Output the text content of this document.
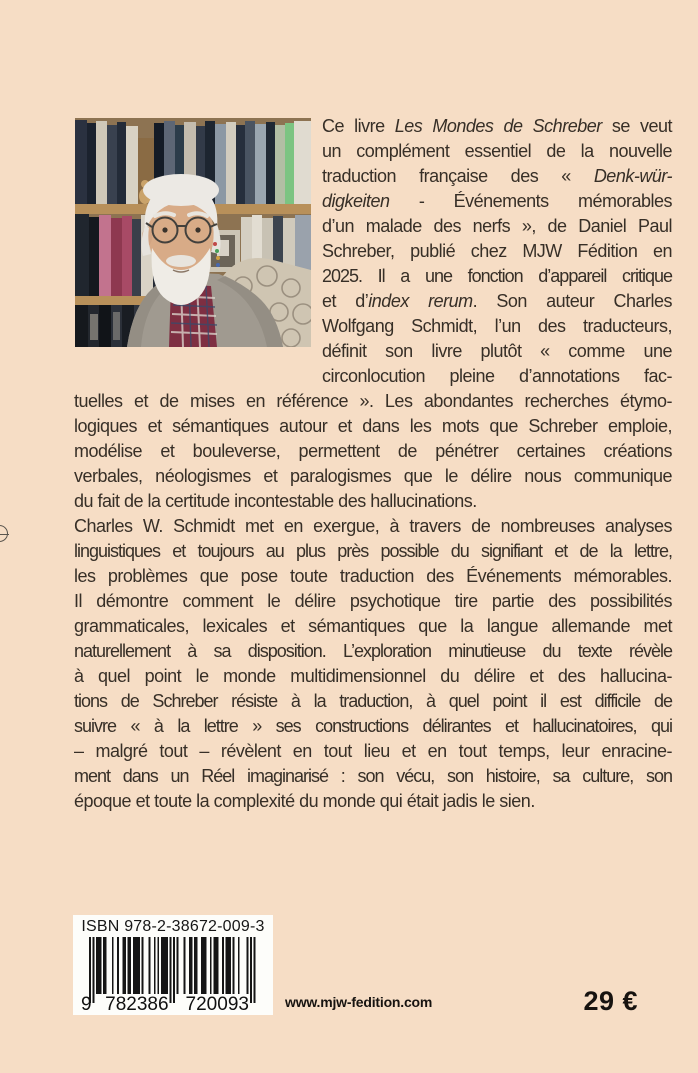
Ce livre Les Mondes de Schreber se veut
un complément essentiel de la nouvelle
traduction française des « Denk-wür-
digkeiten - Événements mémorables
d’un malade des nerfs », de Daniel Paul
Schreber, publié chez MJW Fédition en
2025. Il a une fonction d’appareil critique
et d’index rerum. Son auteur Charles
Wolfgang Schmidt, l’un des traducteurs,
définit son livre plutôt « comme une
circonlocution pleine d’annotations fac-
tuelles et de mises en référence ». Les abondantes recherches étymo-
logiques et sémantiques autour et dans les mots que Schreber emploie,
modélise et bouleverse, permettent de pénétrer certaines créations
verbales, néologismes et paralogismes que le délire nous communique
du fait de la certitude incontestable des hallucinations.
Charles W. Schmidt met en exergue, à travers de nombreuses analyses
linguistiques et toujours au plus près possible du signifiant et de la lettre,
les problèmes que pose toute traduction des Événements mémorables.
Il démontre comment le délire psychotique tire partie des possibilités
grammaticales, lexicales et sémantiques que la langue allemande met
naturellement à sa disposition. L’exploration minutieuse du texte révèle
à quel point le monde multidimensionnel du délire et des hallucina-
tions de Schreber résiste à la traduction, à quel point il est difficile de
suivre « à la lettre » ses constructions délirantes et hallucinatoires, qui
– malgré tout – révèlent en tout lieu et en tout temps, leur enracine-
ment dans un Réel imaginarisé : son vécu, son histoire, sa culture, son
époque et toute la complexité du monde qui était jadis le sien.
ISBN 978-2-38672-009-3
9 782386 720093	www.mjw-fedition.com	29 €
